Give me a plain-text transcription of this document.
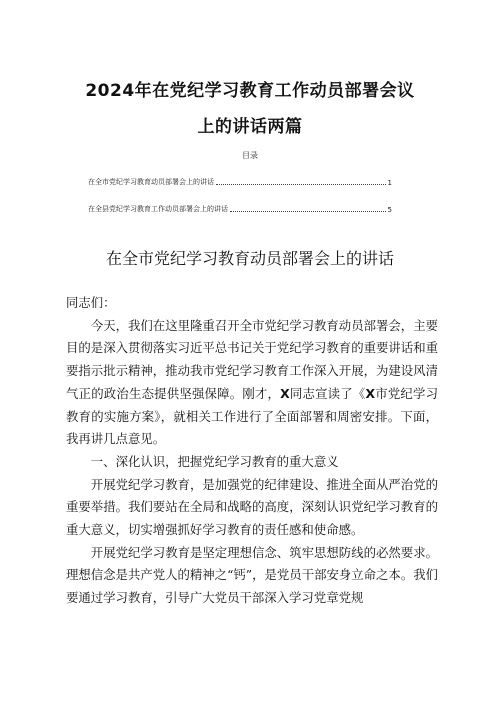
2024年在党纪学习教育工作动员部署会议
上的讲话两篇
目录
在全市党纪学习教育动员部署会上的讲话	1
在全县党纪学习教育工作动员部署会上的讲话	5
在全市党纪学习教育动员部署会上的讲话
同志们：
今天，我们在这里隆重召开全市党纪学习教育动员部署会，主要目的是深入贯彻落实习近平总书记关于党纪学习教育的重要讲话和重要指示批示精神，推动我市党纪学习教育工作深入开展，为建设风清气正的政治生态提供坚强保障。刚才，X同志宣读了《X市党纪学习教育的实施方案》，就相关工作进行了全面部署和周密安排。下面，我再讲几点意见。
一、深化认识，把握党纪学习教育的重大意义
开展党纪学习教育，是加强党的纪律建设、推进全面从严治党的重要举措。我们要站在全局和战略的高度，深刻认识党纪学习教育的重大意义，切实增强抓好学习教育的责任感和使命感。
开展党纪学习教育是坚定理想信念、筑牢思想防线的必然要求。理想信念是共产党人的精神之“钙”，是党员干部安身立命之本。我们要通过学习教育，引导广大党员干部深入学习党章党规
